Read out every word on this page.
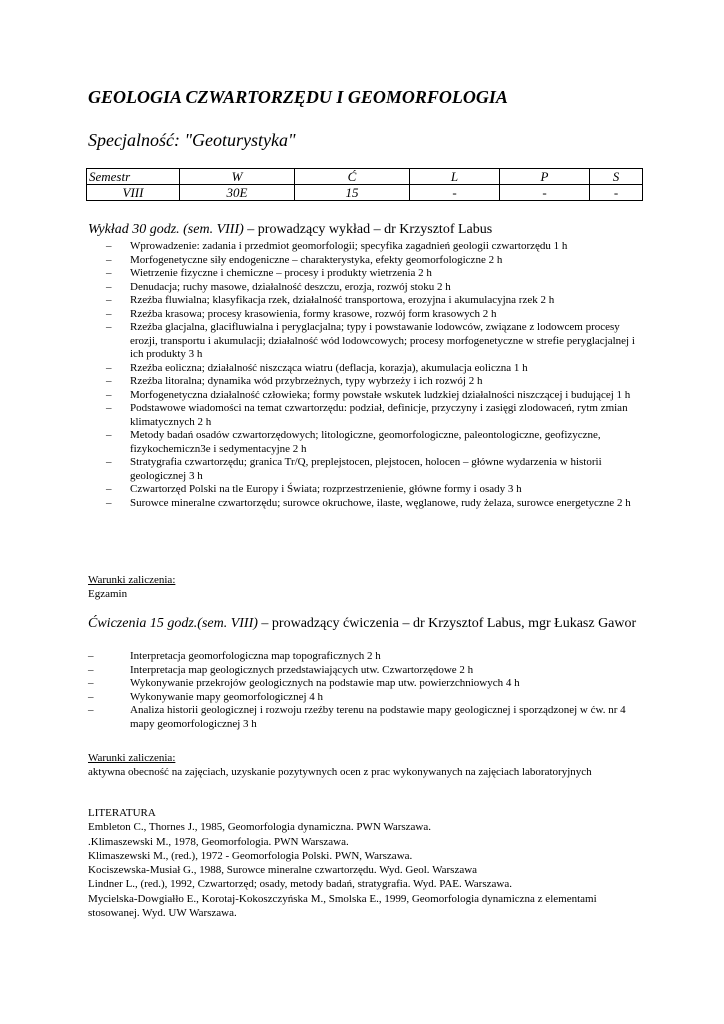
GEOLOGIA CZWARTORZĘDU I GEOMORFOLOGIA
Specjalność: "Geoturystyka"
Semestr	W	Ć	L	P	S
VIII	30E	15	-	-	-
Wykład 30 godz. (sem. VIII) – prowadzący wykład – dr Krzysztof Labus
– Wprowadzenie: zadania i przedmiot geomorfologii; specyfika zagadnień geologii czwartorzędu 1 h
– Morfogenetyczne siły endogeniczne – charakterystyka, efekty geomorfologiczne 2 h
– Wietrzenie fizyczne i chemiczne – procesy i produkty wietrzenia 2 h
– Denudacja; ruchy masowe, działalność deszczu, erozja, rozwój stoku 2 h
– Rzeźba fluwialna; klasyfikacja rzek, działalność transportowa, erozyjna i akumulacyjna rzek 2 h
– Rzeźba krasowa; procesy krasowienia, formy krasowe, rozwój form krasowych 2 h
– Rzeźba glacjalna, glacifluwialna i peryglacjalna; typy i powstawanie lodowców, związane z lodowcem procesy erozji, transportu i akumulacji; działalność wód lodowcowych; procesy morfogenetyczne w strefie peryglacjalnej i ich produkty 3 h
– Rzeźba eoliczna; działalność niszcząca wiatru (deflacja, korazja), akumulacja eoliczna 1 h
– Rzeźba litoralna; dynamika wód przybrzeżnych, typy wybrzeży i ich rozwój 2 h
– Morfogenetyczna działalność człowieka; formy powstałe wskutek ludzkiej działalności niszczącej i budującej 1 h
– Podstawowe wiadomości na temat czwartorzędu: podział, definicje, przyczyny i zasięgi zlodowaceń, rytm zmian klimatycznych 2 h
– Metody badań osadów czwartorzędowych; litologiczne, geomorfologiczne, paleontologiczne, geofizyczne, fizykochemiczn3e i sedymentacyjne 2 h
– Stratygrafia czwartorzędu; granica Tr/Q, preplejstocen, plejstocen, holocen – główne wydarzenia w historii geologicznej 3 h
– Czwartorzęd Polski na tle Europy i Świata; rozprzestrzenienie, główne formy i osady 3 h
– Surowce mineralne czwartorzędu; surowce okruchowe, ilaste, węglanowe, rudy żelaza, surowce energetyczne 2 h
Warunki zaliczenia:
Egzamin
Ćwiczenia 15 godz.(sem. VIII) – prowadzący ćwiczenia – dr Krzysztof Labus, mgr Łukasz Gawor
–	Interpretacja geomorfologiczna map topograficznych 2 h
–	Interpretacja map geologicznych przedstawiających utw. Czwartorzędowe 2 h
–	Wykonywanie przekrojów geologicznych na podstawie map utw. powierzchniowych 4 h
–	Wykonywanie mapy geomorfologicznej 4 h
–	Analiza historii geologicznej i rozwoju rzeźby terenu na podstawie mapy geologicznej i sporządzonej w ćw. nr 4 mapy geomorfologicznej 3 h
Warunki zaliczenia:
aktywna obecność na zajęciach, uzyskanie pozytywnych ocen z prac wykonywanych na zajęciach laboratoryjnych
LITERATURA
Embleton C., Thornes J., 1985, Geomorfologia dynamiczna. PWN Warszawa.
.Klimaszewski M., 1978, Geomorfologia. PWN Warszawa.
Klimaszewski M., (red.), 1972 - Geomorfologia Polski. PWN, Warszawa.
Kociszewska-Musiał G., 1988, Surowce mineralne czwartorzędu. Wyd. Geol. Warszawa
Lindner L., (red.), 1992, Czwartorzęd; osady, metody badań, stratygrafia. Wyd. PAE. Warszawa.
Mycielska-Dowgiałło E., Korotaj-Kokoszczyńska M., Smolska E., 1999, Geomorfologia dynamiczna z elementami stosowanej. Wyd. UW Warszawa.
